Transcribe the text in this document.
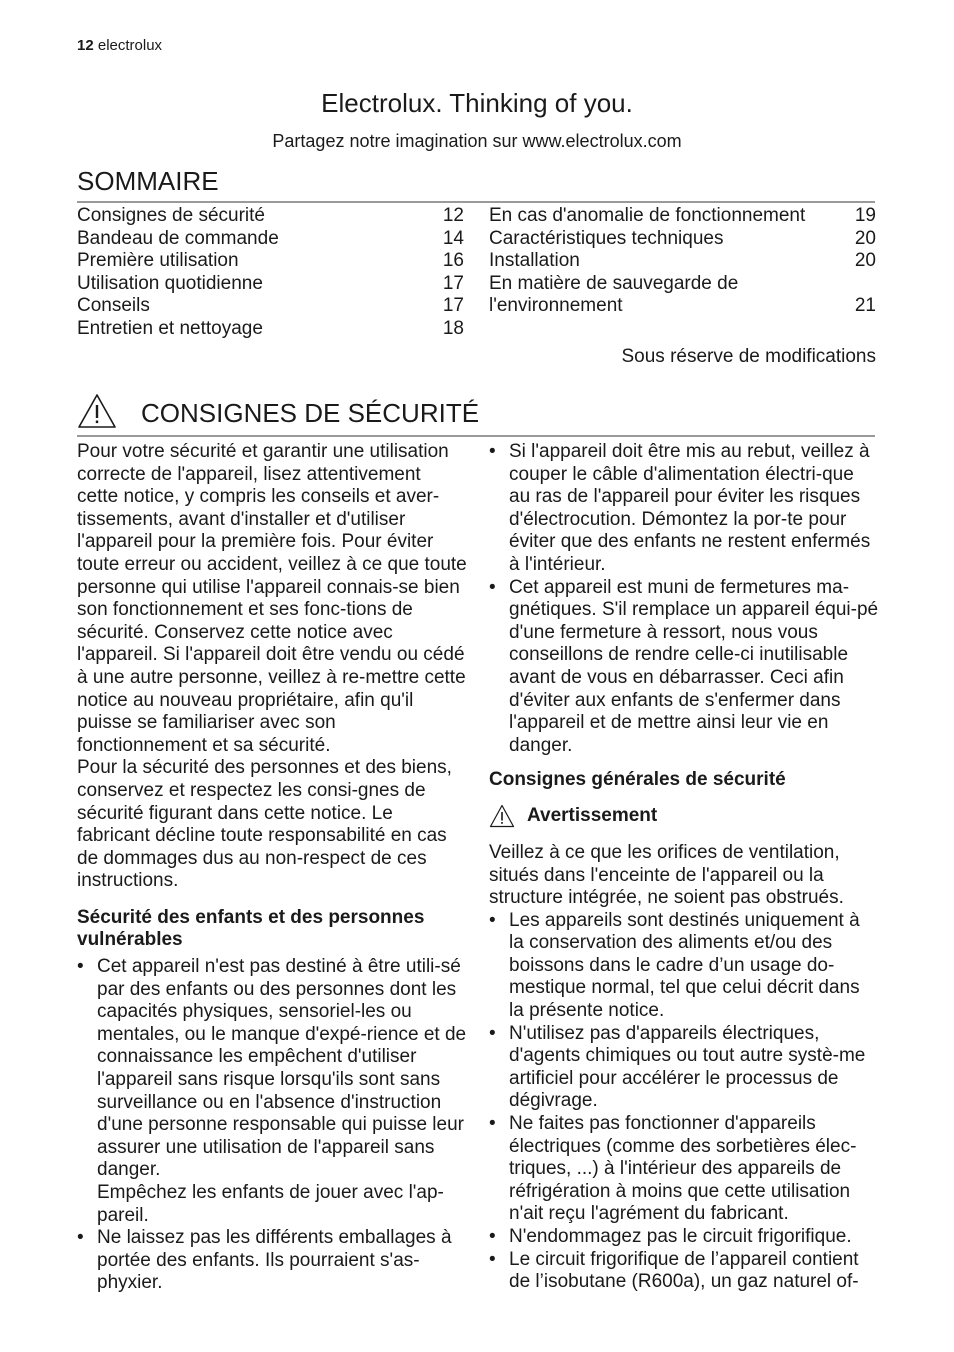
12 electrolux
Electrolux. Thinking of you.
Partagez notre imagination sur www.electrolux.com
SOMMAIRE
Consignes de sécurité	12
Bandeau de commande	14
Première utilisation	16
Utilisation quotidienne	17
Conseils	17
Entretien et nettoyage	18
En cas d'anomalie de fonctionnement	19
Caractéristiques techniques	20
Installation	20
En matière de sauvegarde de
l'environnement	21
Sous réserve de modifications
CONSIGNES DE SÉCURITÉ

Pour votre sécurité et garantir une utilisation correcte de l'appareil, lisez attentivement cette notice, y compris les conseils et aver-tissements, avant d'installer et d'utiliser l'appareil pour la première fois. Pour éviter toute erreur ou accident, veillez à ce que toute personne qui utilise l'appareil connais-se bien son fonctionnement et ses fonc-tions de sécurité. Conservez cette notice avec l'appareil. Si l'appareil doit être vendu ou cédé à une autre personne, veillez à re-mettre cette notice au nouveau propriétaire, afin qu'il puisse se familiariser avec son fonctionnement et sa sécurité.

Pour la sécurité des personnes et des biens, conservez et respectez les consi-gnes de sécurité figurant dans cette notice. Le fabricant décline toute responsabilité en cas de dommages dus au non-respect de ces instructions.

Sécurité des enfants et des personnes vulnérables

• Cet appareil n'est pas destiné à être utili-sé par des enfants ou des personnes dont les capacités physiques, sensoriel-les ou mentales, ou le manque d'expé-rience et de connaissance les empêchent d'utiliser l'appareil sans risque lorsqu'ils sont sans surveillance ou en l'absence d'instruction d'une personne responsable qui puisse leur assurer une utilisation de l'appareil sans danger.
Empêchez les enfants de jouer avec l'ap-pareil.
• Ne laissez pas les différents emballages à portée des enfants. Ils pourraient s'as-phyxier.
• Si l'appareil doit être mis au rebut, veillez à couper le câble d'alimentation électri-que au ras de l'appareil pour éviter les risques d'électrocution. Démontez la por-te pour éviter que des enfants ne restent enfermés à l'intérieur.
• Cet appareil est muni de fermetures ma-gnétiques. S'il remplace un appareil équi-pé d'une fermeture à ressort, nous vous conseillons de rendre celle-ci inutilisable avant de vous en débarrasser. Ceci afin d'éviter aux enfants de s'enfermer dans l'appareil et de mettre ainsi leur vie en danger.

Consignes générales de sécurité

Avertissement

Veillez à ce que les orifices de ventilation, situés dans l'enceinte de l'appareil ou la structure intégrée, ne soient pas obstrués.

• Les appareils sont destinés uniquement à la conservation des aliments et/ou des boissons dans le cadre d’un usage do-mestique normal, tel que celui décrit dans la présente notice.
• N'utilisez pas d'appareils électriques, d'agents chimiques ou tout autre systè-me artificiel pour accélérer le processus de dégivrage.
• Ne faites pas fonctionner d'appareils électriques (comme des sorbetières élec-triques, ...) à l'intérieur des appareils de réfrigération à moins que cette utilisation n'ait reçu l'agrément du fabricant.
• N'endommagez pas le circuit frigorifique.
• Le circuit frigorifique de l’appareil contient de l’isobutane (R600a), un gaz naturel of-
